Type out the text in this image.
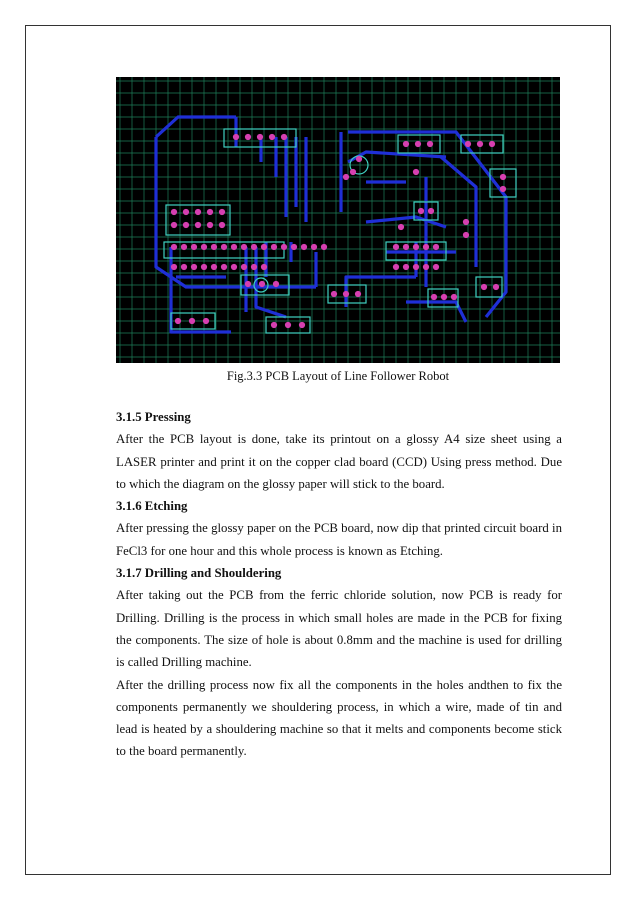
Fig.3.3 PCB Layout of Line Follower Robot
3.1.5 Pressing
After the PCB layout is done, take its printout on a glossy A4 size sheet using a LASER printer and print it on the copper clad board (CCD) Using press method. Due to which the diagram on the glossy paper will stick to the board.
3.1.6 Etching
After pressing the glossy paper on the PCB board, now dip that printed circuit board in FeCl3 for one hour and this whole process is known as Etching.
3.1.7 Drilling and Shouldering
After taking out the PCB from the ferric chloride solution, now PCB is ready for Drilling. Drilling is the process in which small holes are made in the PCB for fixing the components. The size of hole is about 0.8mm and the machine is used for drilling is called Drilling machine.
After the drilling process now fix all the components in the holes andthen to fix the components permanently we shouldering process, in which a wire, made of tin and lead is heated by a shouldering machine so that it melts and components become stick to the board permanently.
